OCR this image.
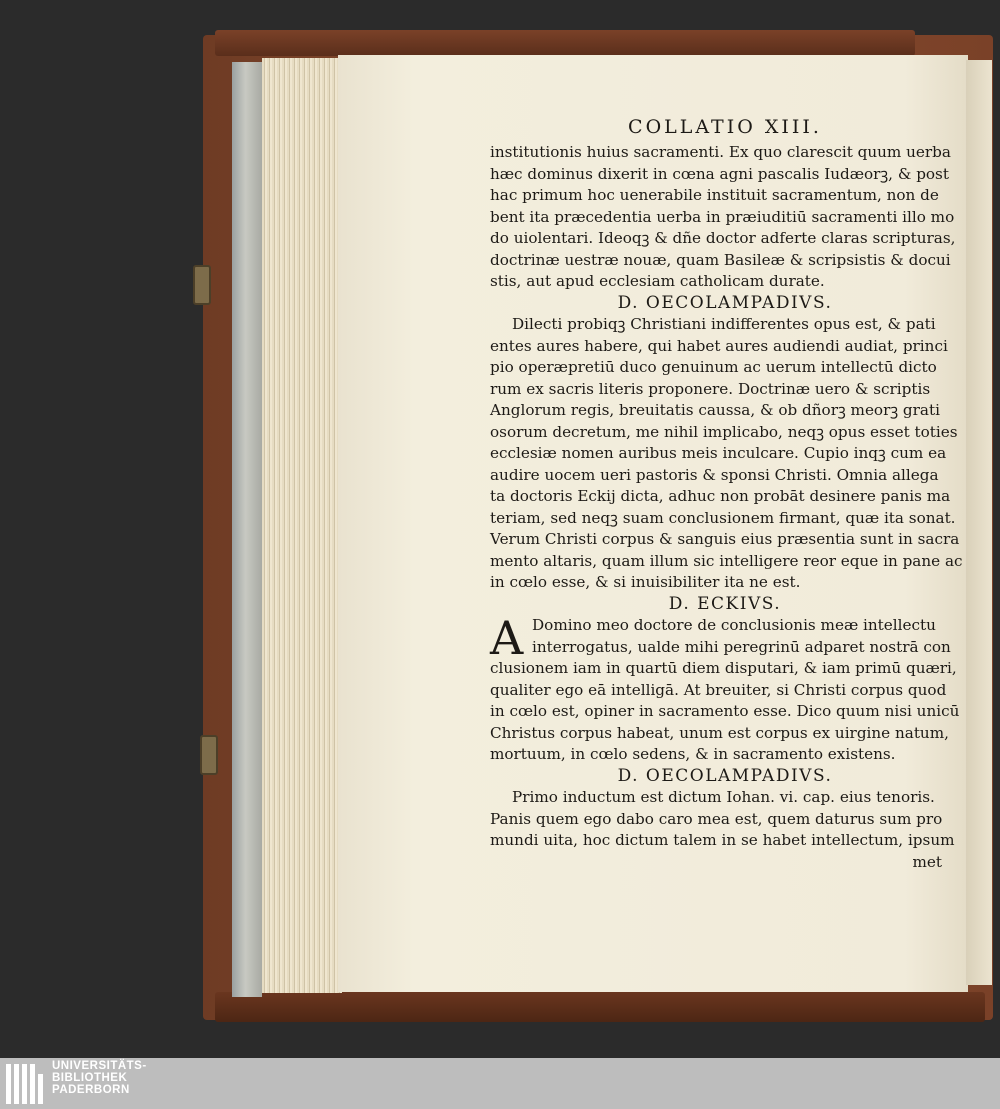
COLLATIO XIII.
institutionis huius sacramenti. Ex quo clarescit quum uerba
hæc dominus dixerit in cœna agni pascalis Iudæorꝫ, & post
hac primum hoc uenerabile instituit sacramentum, non de
bent ita præcedentia uerba in præiuditiū sacramenti illo mo
do uiolentari. Ideoqꝫ & dñe doctor adferte claras scripturas,
doctrinæ uestræ nouæ, quam Basileæ & scripsistis & docui
stis, aut apud ecclesiam catholicam durate.
D. OECOLAMPADIVS.
Dilecti probiqꝫ Christiani indifferentes opus est, & pati
entes aures habere, qui habet aures audiendi audiat, princi
pio operæpretiū duco genuinum ac uerum intellectū dicto
rum ex sacris literis proponere. Doctrinæ uero & scriptis
Anglorum regis, breuitatis caussa, & ob dñorꝫ meorꝫ grati
osorum decretum, me nihil implicabo, neqꝫ opus esset toties
ecclesiæ nomen auribus meis inculcare. Cupio inqꝫ cum ea
audire uocem ueri pastoris & sponsi Christi. Omnia allega
ta doctoris Eckij dicta, adhuc non probāt desinere panis ma
teriam, sed neqꝫ suam conclusionem firmant, quæ ita sonat.
Verum Christi corpus & sanguis eius præsentia sunt in sacra
mento altaris, quam illum sic intelligere reor eque in pane ac
in cœlo esse, & si inuisibiliter ita ne est.
D. ECKIVS.
A Domino meo doctore de conclusionis meæ intellectu
interrogatus, ualde mihi peregrinū adparet nostrā con
clusionem iam in quartū diem disputari, & iam primū quæri,
qualiter ego eā intelligā. At breuiter, si Christi corpus quod
in cœlo est, opiner in sacramento esse. Dico quum nisi unicū
Christus corpus habeat, unum est corpus ex uirgine natum,
mortuum, in cœlo sedens, & in sacramento existens.
D. OECOLAMPADIVS.
Primo inductum est dictum Iohan. vi. cap. eius tenoris.
Panis quem ego dabo caro mea est, quem daturus sum pro
mundi uita, hoc dictum talem in se habet intellectum, ipsum
met
UNIVERSITÄTS-
BIBLIOTHEK
PADERBORN
